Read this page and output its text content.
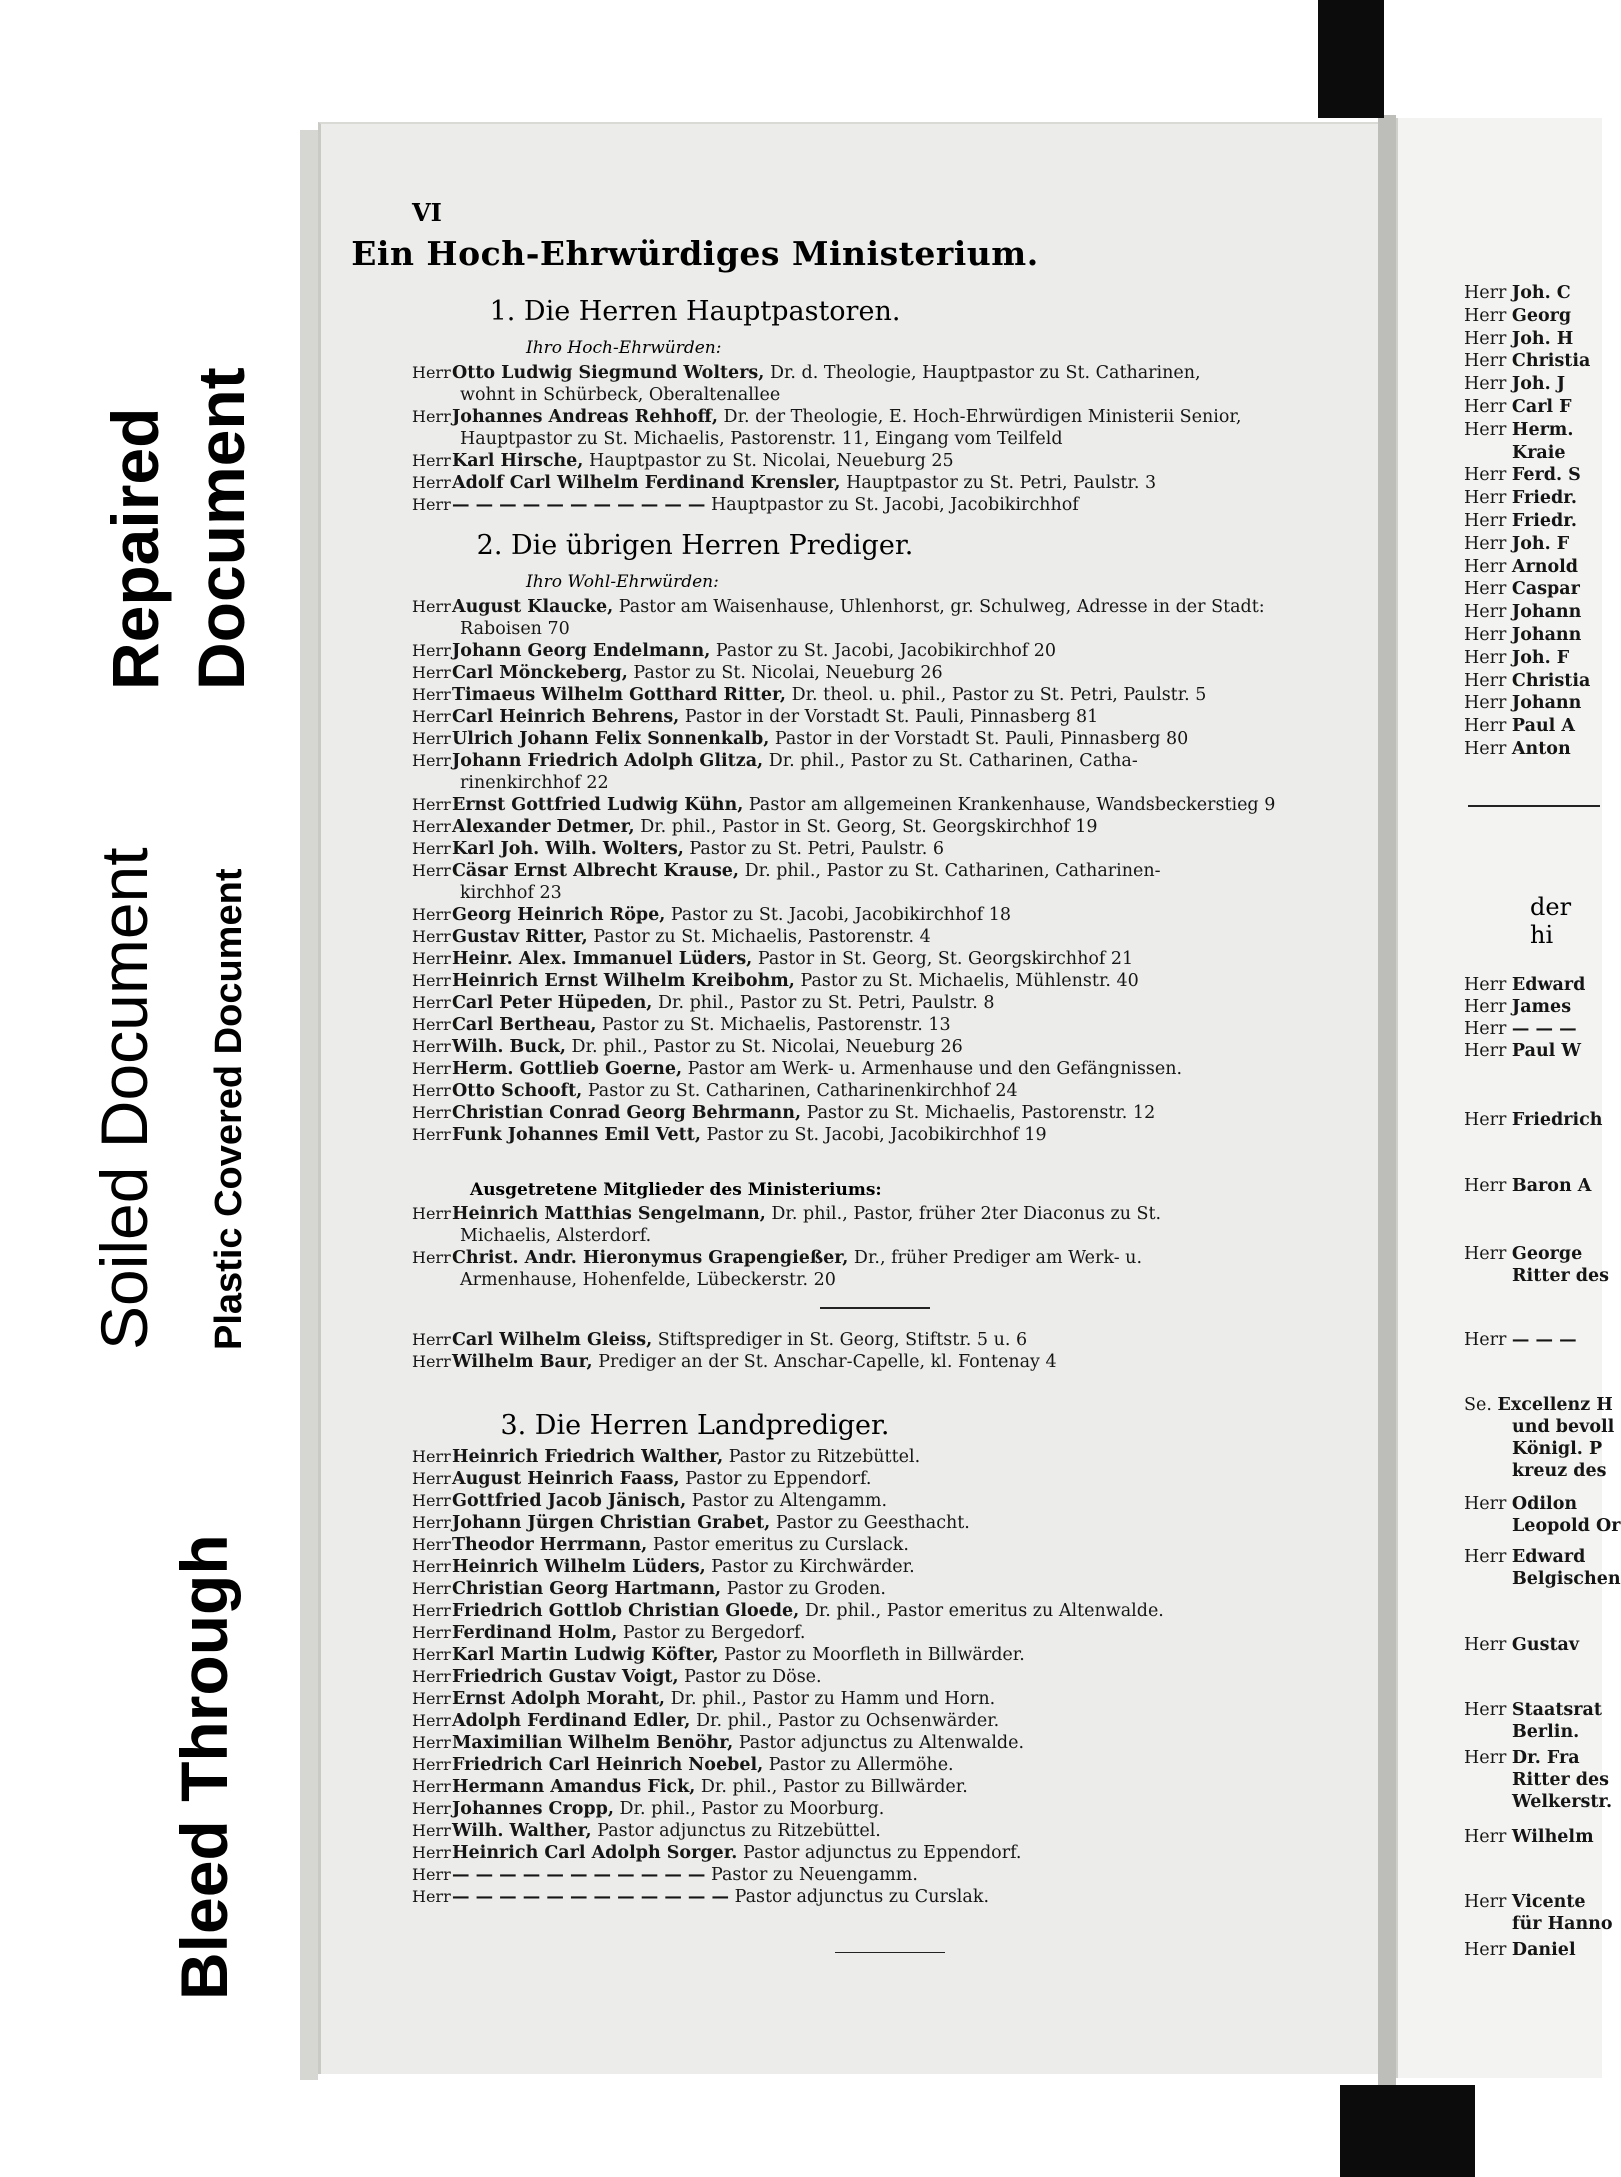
Soiled Document Plastic Covered Document
Bleed Through
Repaired Document
VI
Ein Hoch-Ehrwürdiges Ministerium.
1. Die Herren Hauptpastoren.
Ihro Hoch-Ehrwürden:
HerrOtto Ludwig Siegmund Wolters, Dr. d. Theologie, Hauptpastor zu St. Catharinen,
wohnt in Schürbeck, Oberaltenallee
HerrJohannes Andreas Rehhoff, Dr. der Theologie, E. Hoch-Ehrwürdigen Ministerii Senior,
Hauptpastor zu St. Michaelis, Pastorenstr. 11, Eingang vom Teilfeld
HerrKarl Hirsche, Hauptpastor zu St. Nicolai, Neueburg 25
HerrAdolf Carl Wilhelm Ferdinand Krensler, Hauptpastor zu St. Petri, Paulstr. 3
Herr— — — — — — — — — — — Hauptpastor zu St. Jacobi, Jacobikirchhof
2. Die übrigen Herren Prediger.
Ihro Wohl-Ehrwürden:
HerrAugust Klaucke, Pastor am Waisenhause, Uhlenhorst, gr. Schulweg, Adresse in der Stadt:
Raboisen 70
HerrJohann Georg Endelmann, Pastor zu St. Jacobi, Jacobikirchhof 20
HerrCarl Mönckeberg, Pastor zu St. Nicolai, Neueburg 26
HerrTimaeus Wilhelm Gotthard Ritter, Dr. theol. u. phil., Pastor zu St. Petri, Paulstr. 5
HerrCarl Heinrich Behrens, Pastor in der Vorstadt St. Pauli, Pinnasberg 81
HerrUlrich Johann Felix Sonnenkalb, Pastor in der Vorstadt St. Pauli, Pinnasberg 80
HerrJohann Friedrich Adolph Glitza, Dr. phil., Pastor zu St. Catharinen, Catha-
rinenkirchhof 22
HerrErnst Gottfried Ludwig Kühn, Pastor am allgemeinen Krankenhause, Wandsbeckerstieg 9
HerrAlexander Detmer, Dr. phil., Pastor in St. Georg, St. Georgskirchhof 19
HerrKarl Joh. Wilh. Wolters, Pastor zu St. Petri, Paulstr. 6
HerrCäsar Ernst Albrecht Krause, Dr. phil., Pastor zu St. Catharinen, Catharinen-
kirchhof 23
HerrGeorg Heinrich Röpe, Pastor zu St. Jacobi, Jacobikirchhof 18
HerrGustav Ritter, Pastor zu St. Michaelis, Pastorenstr. 4
HerrHeinr. Alex. Immanuel Lüders, Pastor in St. Georg, St. Georgskirchhof 21
HerrHeinrich Ernst Wilhelm Kreibohm, Pastor zu St. Michaelis, Mühlenstr. 40
HerrCarl Peter Hüpeden, Dr. phil., Pastor zu St. Petri, Paulstr. 8
HerrCarl Bertheau, Pastor zu St. Michaelis, Pastorenstr. 13
HerrWilh. Buck, Dr. phil., Pastor zu St. Nicolai, Neueburg 26
HerrHerm. Gottlieb Goerne, Pastor am Werk- u. Armenhause und den Gefängnissen.
HerrOtto Schooft, Pastor zu St. Catharinen, Catharinenkirchhof 24
HerrChristian Conrad Georg Behrmann, Pastor zu St. Michaelis, Pastorenstr. 12
HerrFunk Johannes Emil Vett, Pastor zu St. Jacobi, Jacobikirchhof 19
Ausgetretene Mitglieder des Ministeriums:
HerrHeinrich Matthias Sengelmann, Dr. phil., Pastor, früher 2ter Diaconus zu St.
Michaelis, Alsterdorf.
HerrChrist. Andr. Hieronymus Grapengießer, Dr., früher Prediger am Werk- u.
Armenhause, Hohenfelde, Lübeckerstr. 20
HerrCarl Wilhelm Gleiss, Stiftsprediger in St. Georg, Stiftstr. 5 u. 6
HerrWilhelm Baur, Prediger an der St. Anschar-Capelle, kl. Fontenay 4
3. Die Herren Landprediger.
HerrHeinrich Friedrich Walther, Pastor zu Ritzebüttel.
HerrAugust Heinrich Faass, Pastor zu Eppendorf.
HerrGottfried Jacob Jänisch, Pastor zu Altengamm.
HerrJohann Jürgen Christian Grabet, Pastor zu Geesthacht.
HerrTheodor Herrmann, Pastor emeritus zu Curslack.
HerrHeinrich Wilhelm Lüders, Pastor zu Kirchwärder.
HerrChristian Georg Hartmann, Pastor zu Groden.
HerrFriedrich Gottlob Christian Gloede, Dr. phil., Pastor emeritus zu Altenwalde.
HerrFerdinand Holm, Pastor zu Bergedorf.
HerrKarl Martin Ludwig Köfter, Pastor zu Moorfleth in Billwärder.
HerrFriedrich Gustav Voigt, Pastor zu Döse.
HerrErnst Adolph Moraht, Dr. phil., Pastor zu Hamm und Horn.
HerrAdolph Ferdinand Edler, Dr. phil., Pastor zu Ochsenwärder.
HerrMaximilian Wilhelm Benöhr, Pastor adjunctus zu Altenwalde.
HerrFriedrich Carl Heinrich Noebel, Pastor zu Allermöhe.
HerrHermann Amandus Fick, Dr. phil., Pastor zu Billwärder.
HerrJohannes Cropp, Dr. phil., Pastor zu Moorburg.
HerrWilh. Walther, Pastor adjunctus zu Ritzebüttel.
HerrHeinrich Carl Adolph Sorger. Pastor adjunctus zu Eppendorf.
Herr— — — — — — — — — — — Pastor zu Neuengamm.
Herr— — — — — — — — — — — — Pastor adjunctus zu Curslak.
Herr Joh. C
Herr Georg
Herr Joh. H
Herr Christia
Herr Joh. J
Herr Carl F
Herr Herm.
Kraie
Herr Ferd. S
Herr Friedr.
Herr Friedr.
Herr Joh. F
Herr Arnold
Herr Caspar
Herr Johann
Herr Johann
Herr Joh. F
Herr Christia
Herr Johann
Herr Paul A
Herr Anton
der hi
Herr Edward
Herr James
Herr — — —
Herr Paul W
Herr Friedrich
Herr Baron A
Herr George
Ritter des
Herr — — —
Se. Excellenz H
und bevoll
Königl. P
kreuz des
Herr Odilon
Leopold Or
Herr Edward
Belgischen
Herr Gustav
Herr Staatsrat
Berlin.
Herr Dr. Fra
Ritter des
Welkerstr.
Herr Wilhelm
Herr Vicente
für Hanno
Herr Daniel
